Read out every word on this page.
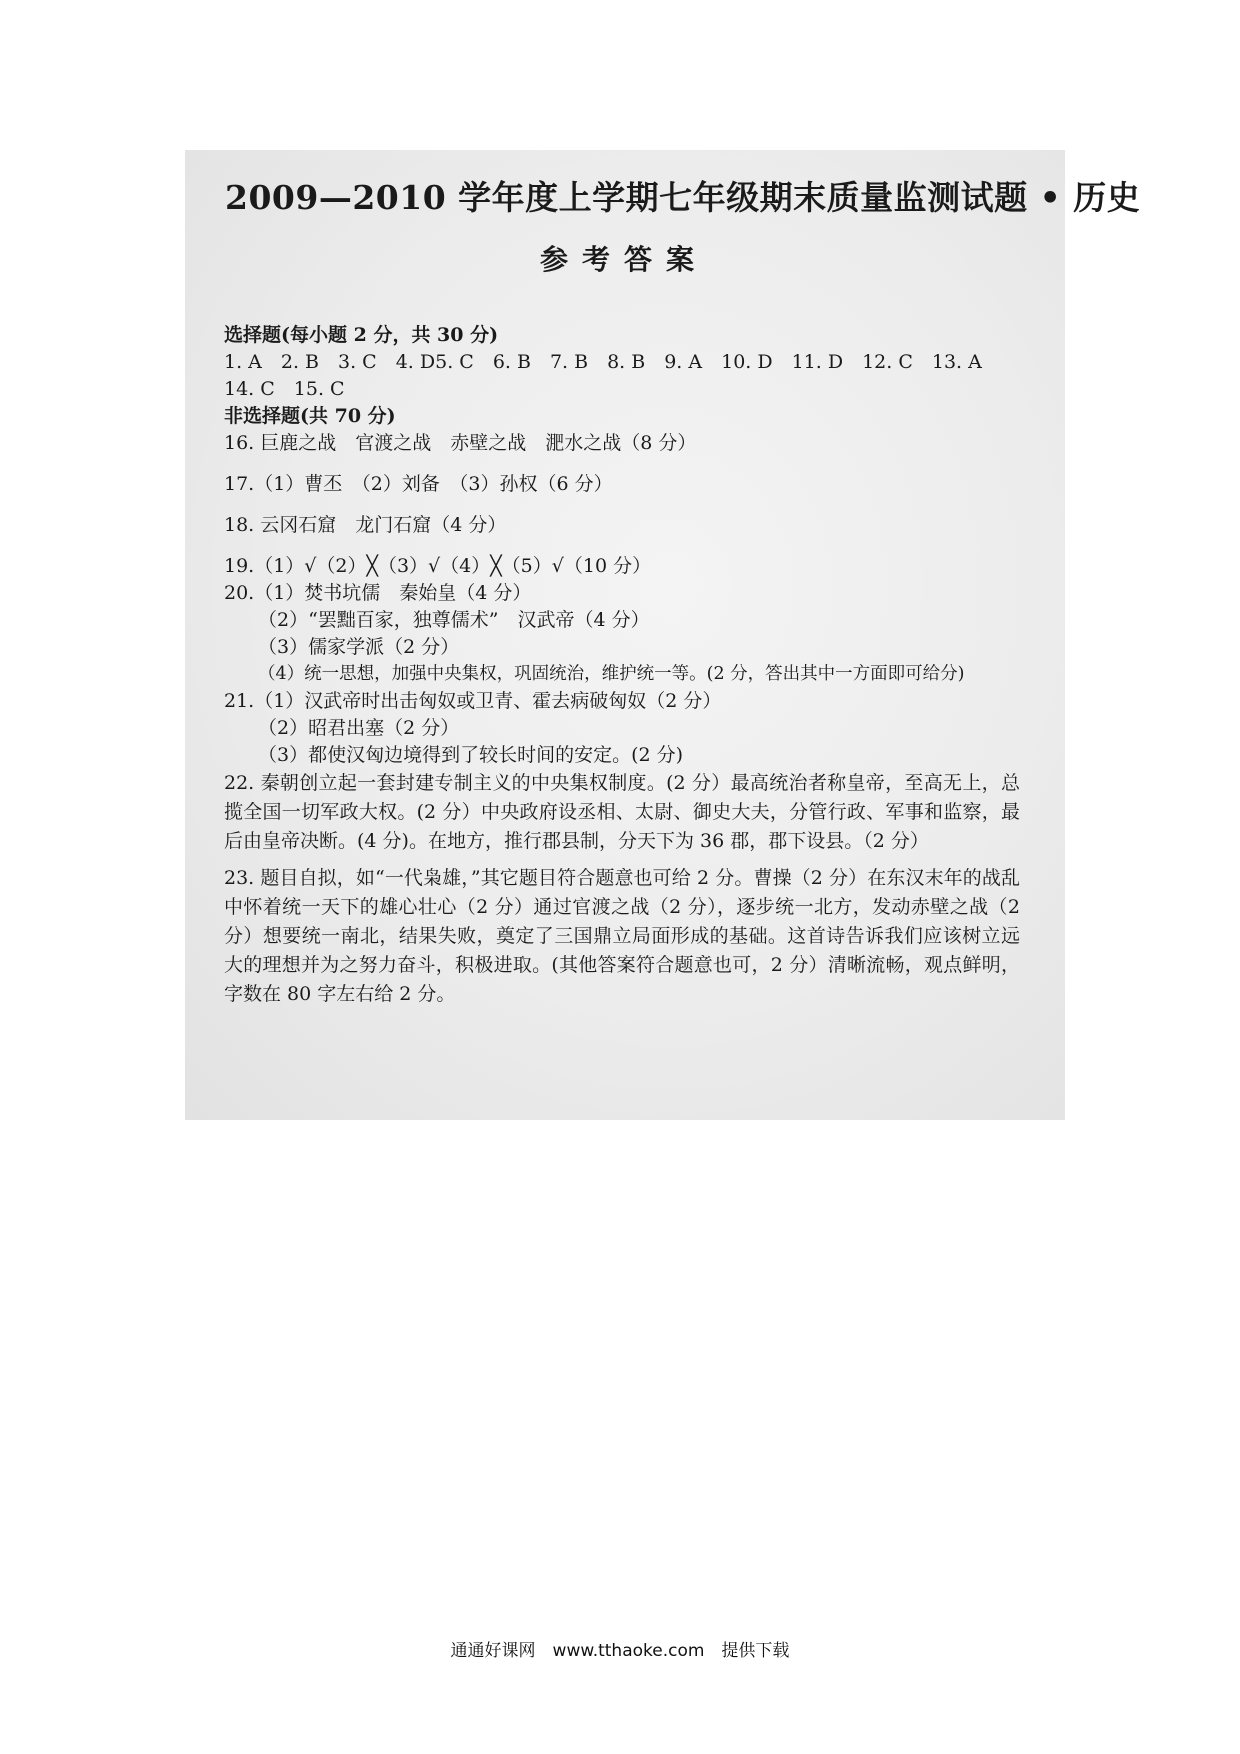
2009—2010 学年度上学期七年级期末质量监测试题 • 历史
参考答案
选择题(每小题 2 分，共 30 分)
1. A　2. B　3. C　4. D5. C　6. B　7. B　8. B　9. A　10. D　11. D　12. C　13. A
14. C　15. C
非选择题(共 70 分)
16. 巨鹿之战　官渡之战　赤壁之战　淝水之战（8 分）
17.（1）曹丕　（2）刘备　（3）孙权（6 分）
18. 云冈石窟　龙门石窟（4 分）
19.（1）√（2）╳（3）√（4）╳（5）√（10 分）
20.（1）焚书坑儒　秦始皇（4 分）
（2）“罢黜百家，独尊儒术”　汉武帝（4 分）
（3）儒家学派（2 分）
（4）统一思想，加强中央集权，巩固统治，维护统一等。(2 分，答出其中一方面即可给分)
21.（1）汉武帝时出击匈奴或卫青、霍去病破匈奴（2 分）
（2）昭君出塞（2 分）
（3）都使汉匈边境得到了较长时间的安定。(2 分)
22. 秦朝创立起一套封建专制主义的中央集权制度。(2 分）最高统治者称皇帝，至高无上，总揽全国一切军政大权。(2 分）中央政府设丞相、太尉、御史大夫，分管行政、军事和监察，最后由皇帝决断。(4 分)。在地方，推行郡县制，分天下为 36 郡，郡下设县。（2 分）
23. 题目自拟，如“一代枭雄，”其它题目符合题意也可给 2 分。曹操（2 分）在东汉末年的战乱中怀着统一天下的雄心壮心（2 分）通过官渡之战（2 分），逐步统一北方，发动赤壁之战（2 分）想要统一南北，结果失败，奠定了三国鼎立局面形成的基础。这首诗告诉我们应该树立远大的理想并为之努力奋斗，积极进取。(其他答案符合题意也可，2 分）清晰流畅，观点鲜明，字数在 80 字左右给 2 分。
通通好课网　www.tthaoke.com　提供下载
